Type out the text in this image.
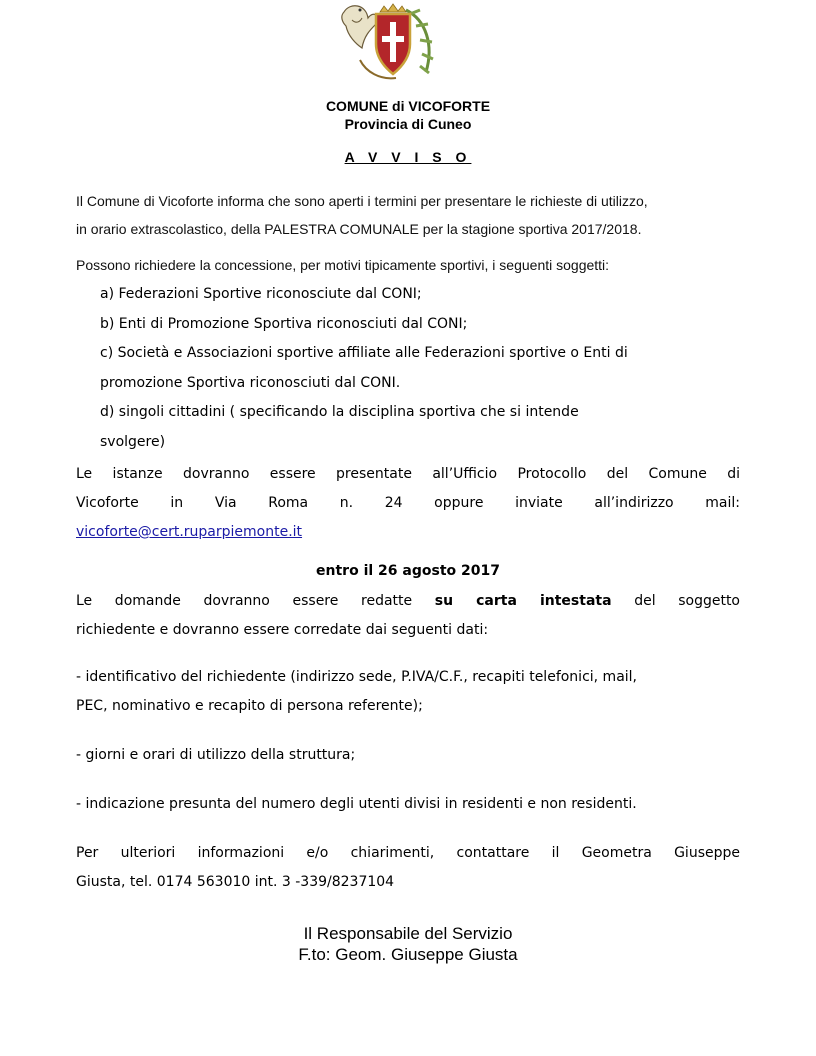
COMUNE di VICOFORTE
Provincia di Cuneo
A V V I S O
Il Comune di Vicoforte informa che sono aperti i termini per presentare le richieste di utilizzo,
in orario extrascolastico, della PALESTRA COMUNALE per la stagione sportiva 2017/2018.
Possono richiedere la concessione, per motivi tipicamente sportivi, i seguenti soggetti:
a) Federazioni Sportive riconosciute dal CONI;
b) Enti di Promozione Sportiva riconosciuti dal CONI;
c) Società e Associazioni sportive affiliate alle Federazioni sportive o Enti di
promozione Sportiva riconosciuti dal CONI.
d) singoli cittadini ( specificando la disciplina sportiva che si intende
svolgere)
Le istanze dovranno essere presentate all’Ufficio Protocollo del Comune di
Vicoforte in Via Roma n. 24 oppure inviate all’indirizzo mail:
vicoforte@cert.ruparpiemonte.it
entro il 26 agosto 2017
Le domande dovranno essere redatte su carta intestata del soggetto
richiedente e dovranno essere corredate dai seguenti dati:
- identificativo del richiedente (indirizzo sede, P.IVA/C.F., recapiti telefonici, mail,
PEC, nominativo e recapito di persona referente);
- giorni e orari di utilizzo della struttura;
- indicazione presunta del numero degli utenti divisi in residenti e non residenti.
Per ulteriori informazioni e/o chiarimenti, contattare il Geometra Giuseppe
Giusta, tel. 0174 563010 int. 3 -339/8237104
Il Responsabile del Servizio
F.to: Geom. Giuseppe Giusta
